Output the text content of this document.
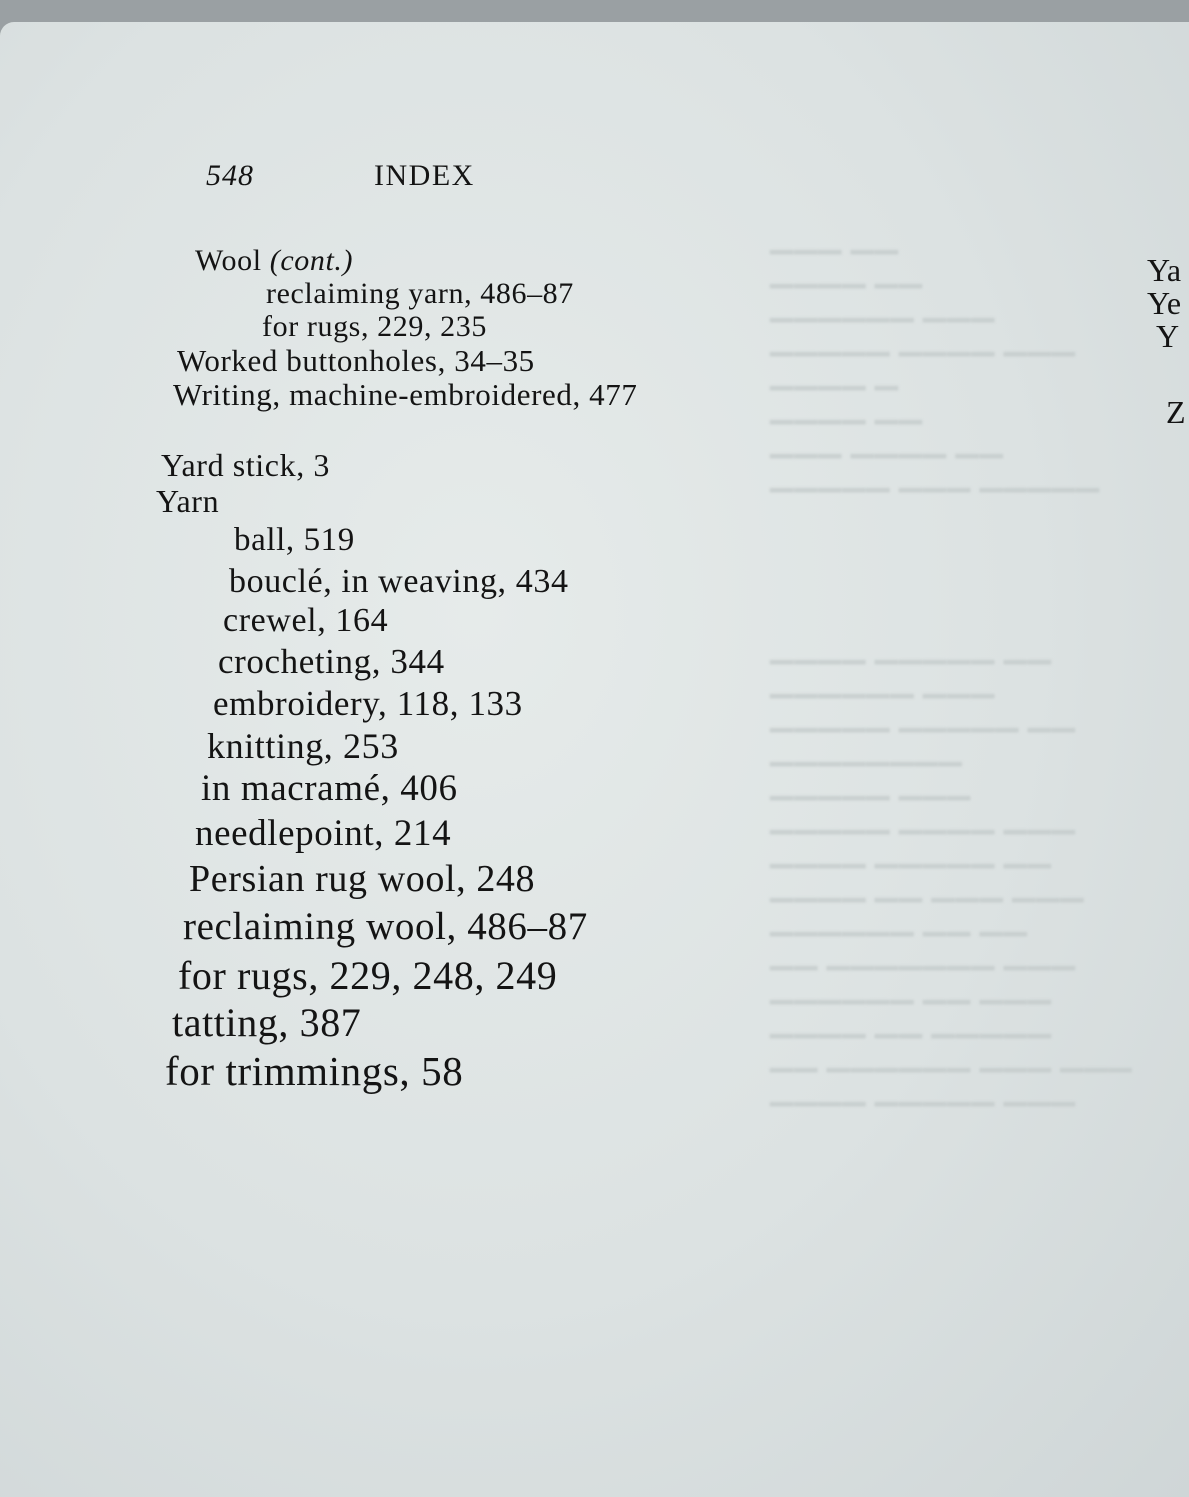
▔▔▔ ▔▔
▔▔▔▔ ▔▔
▔▔▔▔▔▔ ▔▔▔
▔▔▔▔▔ ▔▔▔▔ ▔▔▔
▔▔▔▔ ▔
▔▔▔▔ ▔▔
▔▔▔ ▔▔▔▔ ▔▔
▔▔▔▔▔ ▔▔▔ ▔▔▔▔▔
▔▔▔▔ ▔▔▔▔▔ ▔▔
▔▔▔▔▔▔ ▔▔▔
▔▔▔▔▔ ▔▔▔▔▔ ▔▔
▔▔▔▔▔▔▔▔
▔▔▔▔▔ ▔▔▔
▔▔▔▔▔ ▔▔▔▔ ▔▔▔
▔▔▔▔ ▔▔▔▔▔ ▔▔
▔▔▔▔ ▔▔ ▔▔▔ ▔▔▔
▔▔▔▔▔▔ ▔▔ ▔▔
▔▔ ▔▔▔▔▔▔▔ ▔▔▔
▔▔▔▔▔▔ ▔▔ ▔▔▔
▔▔▔▔ ▔▔ ▔▔▔▔▔
▔▔ ▔▔▔▔▔▔ ▔▔▔ ▔▔▔
▔▔▔▔ ▔▔▔▔▔ ▔▔▔
548	INDEX
Wool (cont.)
reclaiming yarn, 486–87
for rugs, 229, 235
Worked buttonholes, 34–35
Writing, machine-embroidered, 477
Yard stick, 3
Yarn
ball, 519
bouclé, in weaving, 434
crewel, 164
crocheting, 344
embroidery, 118, 133
knitting, 253
in macramé, 406
needlepoint, 214
Persian rug wool, 248
reclaiming wool, 486–87
for rugs, 229, 248, 249
tatting, 387
for trimmings, 58
Ya
Ye
Y
Z
